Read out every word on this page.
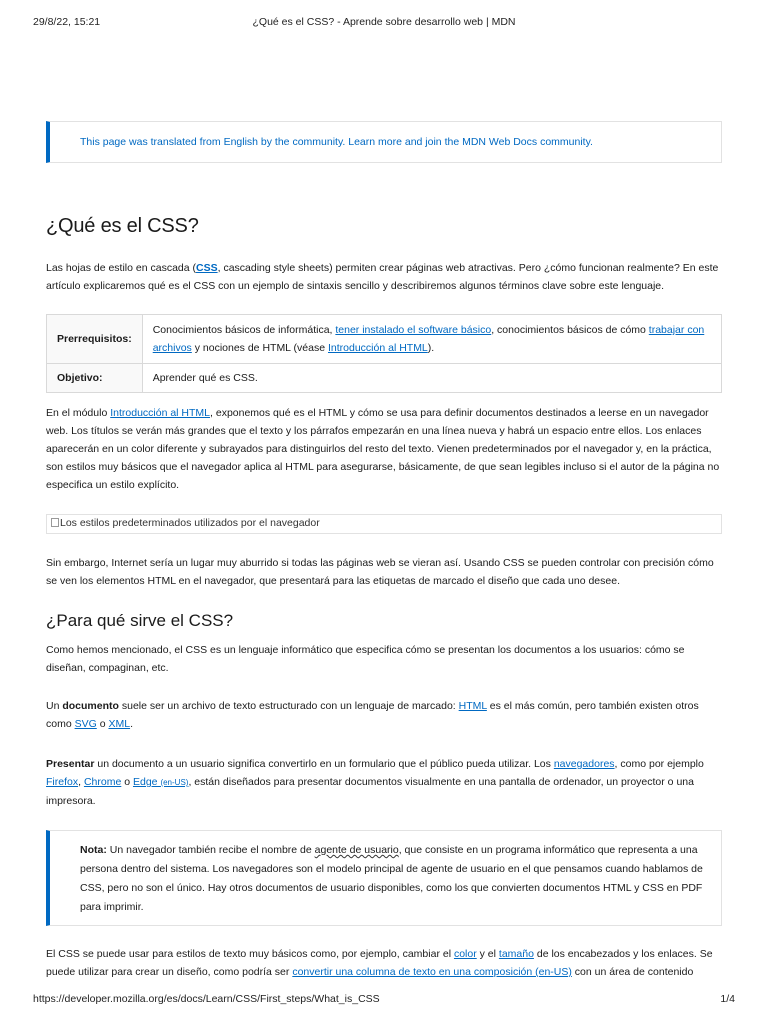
29/8/22, 15:21	¿Qué es el CSS? - Aprende sobre desarrollo web | MDN
This page was translated from English by the community. Learn more and join the MDN Web Docs community.
¿Qué es el CSS?

Las hojas de estilo en cascada (CSS, cascading style sheets) permiten crear páginas web atractivas. Pero ¿cómo funcionan realmente? En este artículo explicaremos qué es el CSS con un ejemplo de sintaxis sencillo y describiremos algunos términos clave sobre este lenguaje.

Prerrequisitos:	Conocimientos básicos de informática, tener instalado el software básico, conocimientos básicos de cómo trabajar con archivos y nociones de HTML (véase Introducción al HTML).

Objetivo:	Aprender qué es CSS.

En el módulo Introducción al HTML, exponemos qué es el HTML y cómo se usa para definir documentos destinados a leerse en un navegador web. Los títulos se verán más grandes que el texto y los párrafos empezarán en una línea nueva y habrá un espacio entre ellos. Los enlaces aparecerán en un color diferente y subrayados para distinguirlos del resto del texto. Vienen predeterminados por el navegador y, en la práctica, son estilos muy básicos que el navegador aplica al HTML para asegurarse, básicamente, de que sean legibles incluso si el autor de la página no especifica un estilo explícito.

Los estilos predeterminados utilizados por el navegador

Sin embargo, Internet sería un lugar muy aburrido si todas las páginas web se vieran así. Usando CSS se pueden controlar con precisión cómo se ven los elementos HTML en el navegador, que presentará para las etiquetas de marcado el diseño que cada uno desee.

¿Para qué sirve el CSS?

Como hemos mencionado, el CSS es un lenguaje informático que especifica cómo se presentan los documentos a los usuarios: cómo se diseñan, compaginan, etc.

Un documento suele ser un archivo de texto estructurado con un lenguaje de marcado: HTML es el más común, pero también existen otros como SVG o XML.

Presentar un documento a un usuario significa convertirlo en un formulario que el público pueda utilizar. Los navegadores, como por ejemplo Firefox, Chrome o Edge (en-US), están diseñados para presentar documentos visualmente en una pantalla de ordenador, un proyector o una impresora.

Nota: Un navegador también recibe el nombre de agente de usuario, que consiste en un programa informático que representa a una persona dentro del sistema. Los navegadores son el modelo principal de agente de usuario en el que pensamos cuando hablamos de CSS, pero no son el único. Hay otros documentos de usuario disponibles, como los que convierten documentos HTML y CSS en PDF para imprimir.

El CSS se puede usar para estilos de texto muy básicos como, por ejemplo, cambiar el color y el tamaño de los encabezados y los enlaces. Se puede utilizar para crear un diseño, como podría ser convertir una columna de texto en una composición (en-US) con un área de contenido

https://developer.mozilla.org/es/docs/Learn/CSS/First_steps/What_is_CSS	1/4
